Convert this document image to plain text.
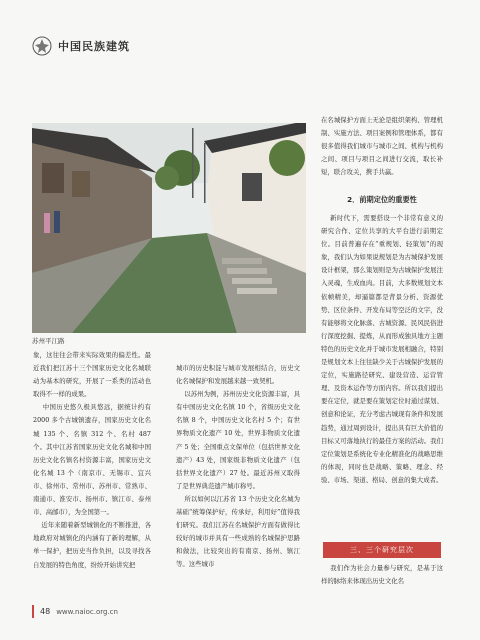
中国民族建筑
苏州平江路
象，这往往会带来实际效果的偏差性。最近我们把江苏十三个国家历史文化名城联动为基本的研究，开展了一系类的活动也取得不一样的成果。
中国历史悠久极具悠远，据统计约有 2000 多个古城镇遗存，国家历史文化名城 135 个、名镇 312 个、名村 487 个。其中江苏省国家历史文化名城和中国历史文化名镇名村资源丰富，国家历史文化名城 13 个（南京市、无锡市、宜兴市、徐州市、常州市、苏州市、常熟市、南通市、淮安市、扬州市、镇江市、泰州市、高邮市），为全国第一。
近年来随着新型城镇化的不断推进，各地政府对城镇化的内涵有了新的理解，从单一保护，把历史当作负担，以及寻找各自发展的特色角度，纷纷开始讲究把
城市的历史积淀与城市发展相结合，历史文化名城保护和发展越来越一致契机。
以苏州为例，苏州历史文化资源丰富，具有中国历史文化名镇 10 个，省级历史文化名镇 8 个，中国历史文化名村 5 个；有世界物质文化遗产 10 处，世界非物质文化遗产 5 处；全国重点文保单位（包括世界文化遗产）43 处，国家级非物质文化遗产（包括世界文化遗产）27 处。最近苏州又取得了是世界典范遗产城市称号。
所以如何以江苏省 13 个历史文化名城为基础“统筹保护好，传承好，利用好”值得我们研究。我们江苏在名城保护方面有做得比较好的城市并具有一些成熟的名城保护思路和做法，比较突出的有南京、扬州、镇江等。这些城市
在名城保护方面上无论是组织架构、管理机制、实施方法、项目案例和管理体系，都有很多值得我们城市与城市之间、机构与机构之间、项目与项目之间进行交流，取长补短，联合攻关，携手共赢。
2．前期定位的重要性
新时代下，需要搭设一个非常有意义的研究合作、定位共享的大平台进行前期定位。目前普遍存在“重规划、轻策划”的现象，我们认为如果说规划是为古城保护发展设计框架，那么策划则是为古城保护发展注入灵魂，生成血肉。目前，大多数规划文本依帧精美，却逼篇都是背景分析、资源优势、区位条件、开发布局等空泛的文字，没有能够将文化脉落、古城资源、民风民俗进行深度挖掘、提炼，从而形成独具地方主题特色的历史文化并于城市发展相融合，特别是规划文本上往往缺少关于古城保护发展的定位，实施路径研究、建设营造、运营管理、及资本运作等方面内容。所以我们提出要在定位，就是要在策划定位时通过谋划、创意和论证，充分考虑古城现有条件和发展趋势，通过周到设计，提出具有巨大价值的目标又可落地执行的最佳方案的活动。我们定位策划是系统化专业化精准化的战略思维的体现，同时也是战略、策略、理念、经验、市场、渠道、格局、创意的集大成者。
三、三个研究层次
我们作为社会力量参与研究，是基于这样的脉络来体现出历史文化名
48 www.naioc.org.cn
